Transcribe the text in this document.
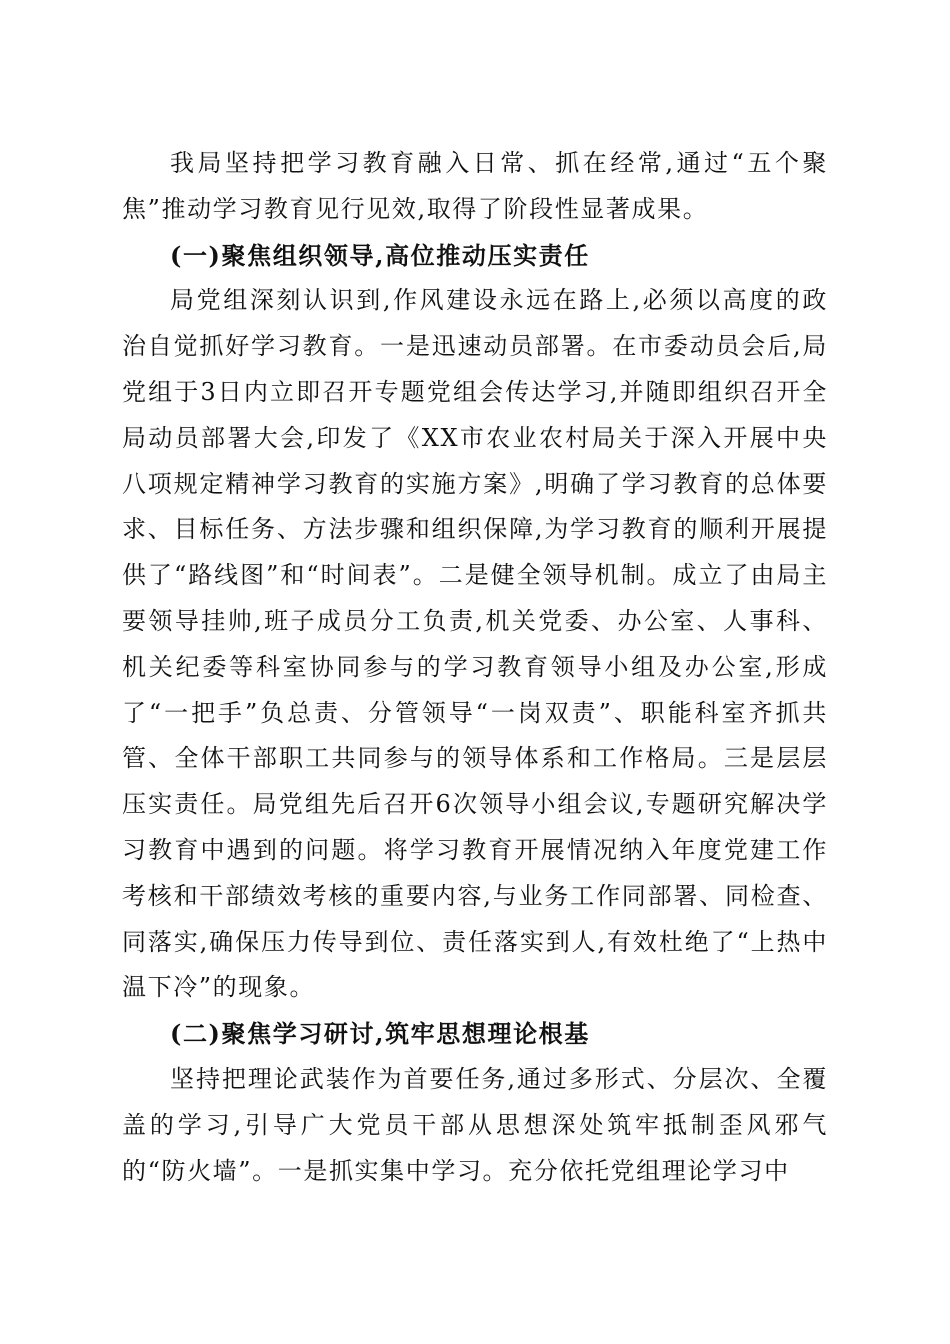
我局坚持把学习教育融入日常、抓在经常,通过“五个聚焦”推动学习教育见行见效,取得了阶段性显著成果。

(一)聚焦组织领导,高位推动压实责任

局党组深刻认识到,作风建设永远在路上,必须以高度的政治自觉抓好学习教育。一是迅速动员部署。在市委动员会后,局党组于3日内立即召开专题党组会传达学习,并随即组织召开全局动员部署大会,印发了《XX市农业农村局关于深入开展中央八项规定精神学习教育的实施方案》,明确了学习教育的总体要求、目标任务、方法步骤和组织保障,为学习教育的顺利开展提供了“路线图”和“时间表”。二是健全领导机制。成立了由局主要领导挂帅,班子成员分工负责,机关党委、办公室、人事科、机关纪委等科室协同参与的学习教育领导小组及办公室,形成了“一把手”负总责、分管领导“一岗双责”、职能科室齐抓共管、全体干部职工共同参与的领导体系和工作格局。三是层层压实责任。局党组先后召开6次领导小组会议,专题研究解决学习教育中遇到的问题。将学习教育开展情况纳入年度党建工作考核和干部绩效考核的重要内容,与业务工作同部署、同检查、同落实,确保压力传导到位、责任落实到人,有效杜绝了“上热中温下冷”的现象。

(二)聚焦学习研讨,筑牢思想理论根基

坚持把理论武装作为首要任务,通过多形式、分层次、全覆盖的学习,引导广大党员干部从思想深处筑牢抵制歪风邪气的“防火墙”。一是抓实集中学习。充分依托党组理论学习中
